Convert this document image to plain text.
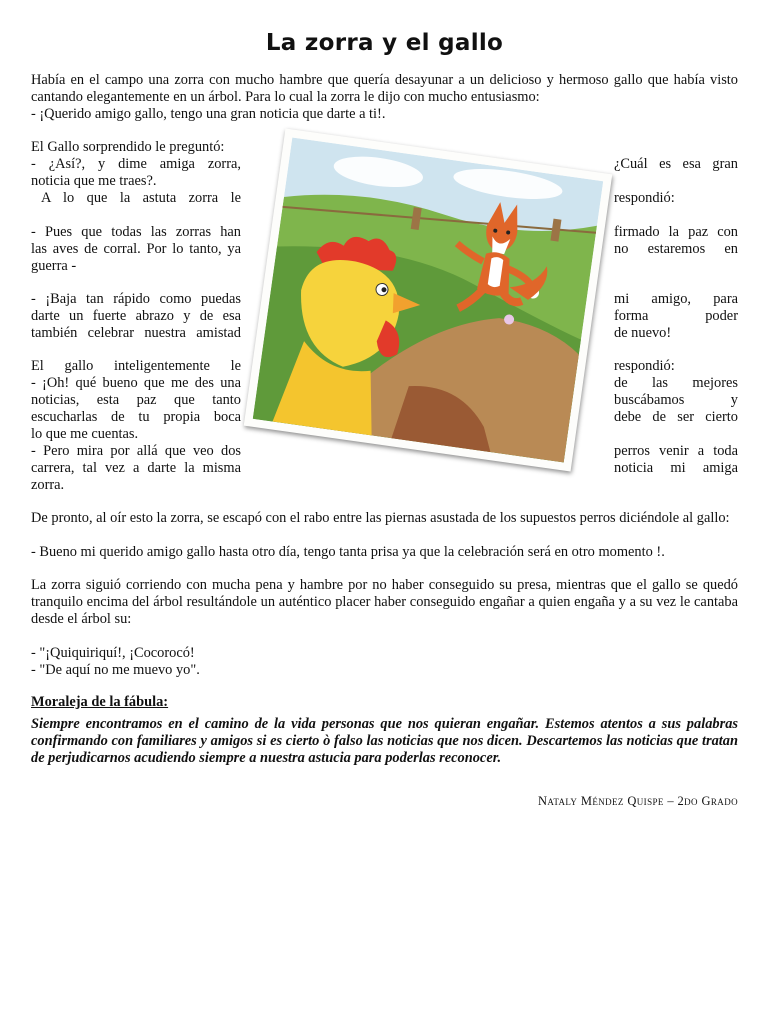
La zorra y el gallo
Había en el campo una zorra con mucho hambre que quería desayunar a un delicioso y hermoso gallo que había visto cantando elegantemente en un árbol. Para lo cual la zorra le dijo con mucho entusiasmo:
- ¡Querido amigo gallo, tengo una gran noticia que darte a ti!.
El Gallo sorprendido le preguntó:
- ¿Así?, y dime amiga zorra,	¿Cuál es esa gran
noticia que me traes?.
A lo que la astuta zorra le	respondió:
- Pues que todas las zorras han	firmado la paz con
las aves de corral. Por lo tanto, ya	no estaremos en
guerra -
- ¡Baja tan rápido como puedas	mi amigo, para
darte un fuerte abrazo y de esa	forma poder
también celebrar nuestra amistad	de nuevo!
El gallo inteligentemente le	respondió:
- ¡Oh! qué bueno que me des una	de las mejores
noticias, esta paz que tanto	buscábamos y
escucharlas de tu propia boca	debe de ser cierto
lo que me cuentas.
- Pero mira por allá que veo dos	perros venir a toda
carrera, tal vez a darte la misma	noticia mi amiga
zorra.
De pronto, al oír esto la zorra, se escapó con el rabo entre las piernas asustada de los supuestos perros diciéndole al gallo:
- Bueno mi querido amigo gallo hasta otro día, tengo tanta prisa ya que la celebración será en otro momento !.
La zorra siguió corriendo con mucha pena y hambre por no haber conseguido su presa, mientras que el gallo se quedó tranquilo encima del árbol resultándole un auténtico placer haber conseguido engañar a quien engaña y a su vez le cantaba desde el árbol su:
- "¡Quiquiriquí!, ¡Cocorocó!
- "De aquí no me muevo yo".
Moraleja de la fábula:
Siempre encontramos en el camino de la vida personas que nos quieran engañar. Estemos atentos a sus palabras confirmando con familiares y amigos si es cierto ò falso las noticias que nos dicen. Descartemos las noticias que tratan de perjudicarnos acudiendo siempre a nuestra astucia para poderlas reconocer.
Nataly Méndez Quispe – 2do Grado
